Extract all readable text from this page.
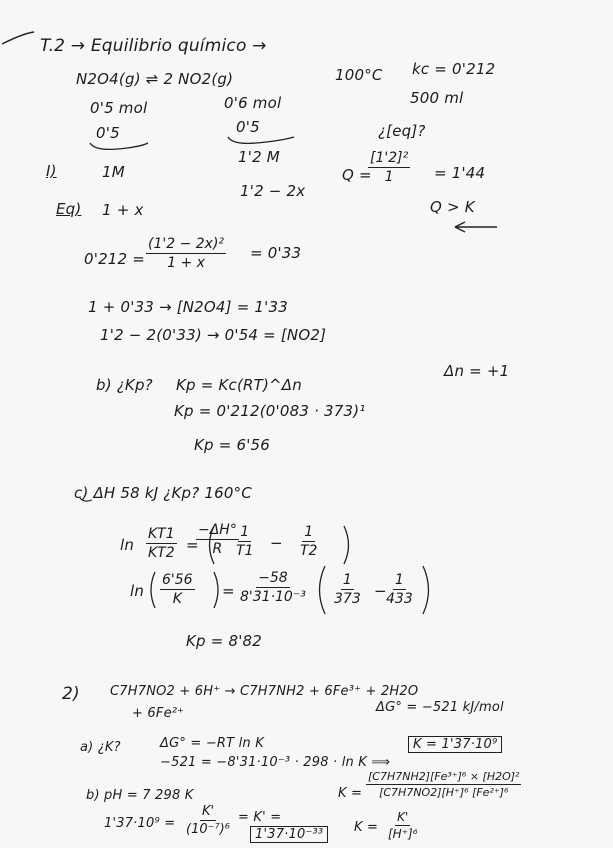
T.2 → Equilibrio químico →
N2O4(g) ⇌ 2 NO2(g)	100°C kc = 0'212
500 ml
0'5 mol	0'6 mol
0'5	0'5
1'2 M
¿[eq]?
I)	1M
1'2 − 2x
Q =
$\frac{\text{[1'2]²}}{1} = 1'44$
Q > K
Eq) 1 + x
$0'212 = \frac{\text{(1'2 − 2x)²}}{1 + x} = 0'33$
1 + 0'33 → [N2O4] = 1'33
1'2 − 2(0'33) → 0'54 = [NO2]
b) ¿Kp? Kp = Kc(RT)^Δn
Δn = +1
Kp = 0'212(0'083 · 373)¹
Kp = 6'56
c) ΔH 58 kJ ¿Kp? 160°C
$\ln \frac{KT1}{KT2}$ =
$\frac{-\Delta H^\circ}{R}$
$\frac{1}{T1} - \frac{1}{T2}$
$\ln \frac{6'56}{K} = \frac{-58}{\text{8'31·10⁻³}} \frac{1}{373} - \frac{1}{433}$
Kp = 8'82
2) C7H7NO2 + 6H⁺ → C7H7NH2 + 6Fe³⁺ + 2H2O
+ 6Fe²⁺	ΔG° = −521 kJ/mol
a) ¿K?	ΔG° = −RT ln K
−521 = −8'31·10⁻³ · 298 · ln K ⟹
K = 1'37·10⁹
b) pH = 7 298 K
$1'37\cdot 10^9 = \frac{K'}{\text{(10⁻⁷)⁶}} = K'$ =
1'37·10⁻³³
$K = \frac{\text{[C7H7NH2][Fe³⁺]⁶ × [H2O]²}}{\text{[C7H7NO2][H⁺]⁶ [Fe²⁺]⁶}}$
$K = \frac{K'}{\text{[H⁺]⁶}}$
